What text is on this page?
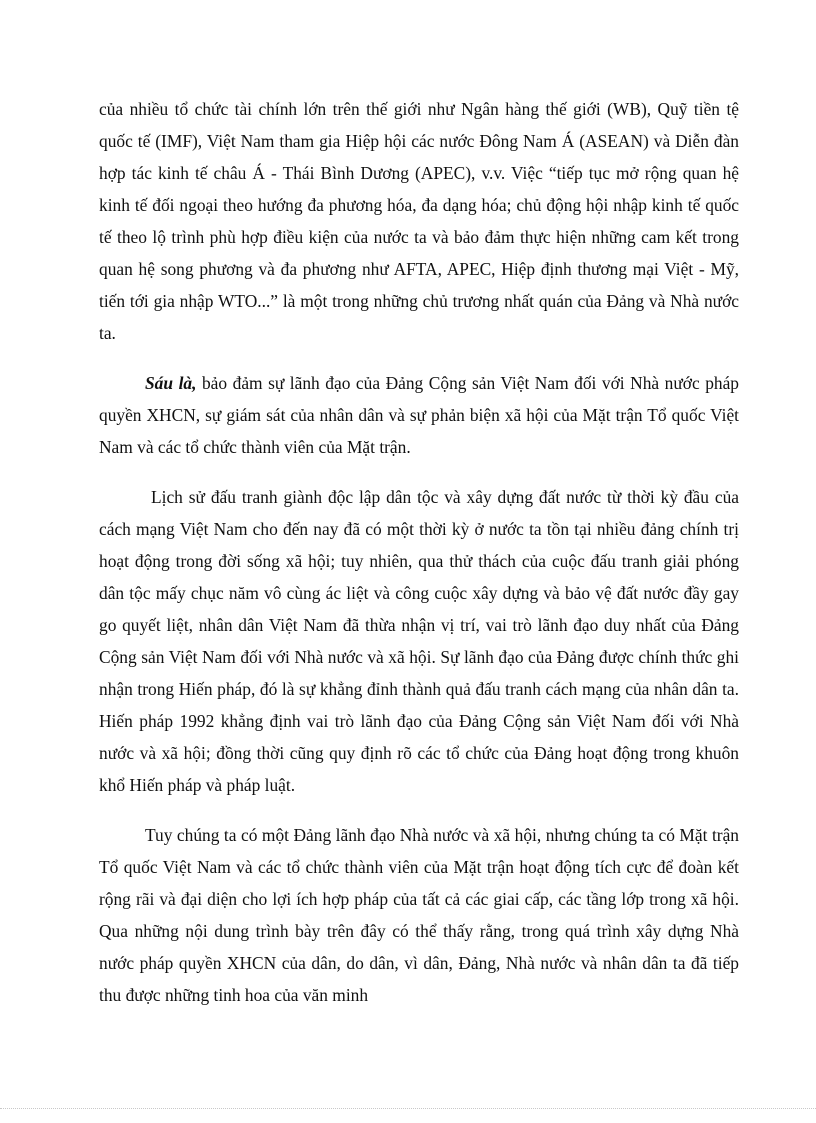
của nhiều tổ chức tài chính lớn trên thế giới như Ngân hàng thế giới (WB), Quỹ tiền tệ quốc tế (IMF), Việt Nam tham gia Hiệp hội các nước Đông Nam Á (ASEAN) và Diễn đàn hợp tác kinh tế châu Á - Thái Bình Dương (APEC), v.v. Việc “tiếp tục mở rộng quan hệ kinh tế đối ngoại theo hướng đa phương hóa, đa dạng hóa; chủ động hội nhập kinh tế quốc tế theo lộ trình phù hợp điều kiện của nước ta và bảo đảm thực hiện những cam kết trong quan hệ song phương và đa phương như AFTA, APEC, Hiệp định thương mại Việt - Mỹ, tiến tới gia nhập WTO...” là một trong những chủ trương nhất quán của Đảng và Nhà nước ta.

Sáu là, bảo đảm sự lãnh đạo của Đảng Cộng sản Việt Nam đối với Nhà nước pháp quyền XHCN, sự giám sát của nhân dân và sự phản biện xã hội của Mặt trận Tổ quốc Việt Nam và các tổ chức thành viên của Mặt trận.

Lịch sử đấu tranh giành độc lập dân tộc và xây dựng đất nước từ thời kỳ đầu của cách mạng Việt Nam cho đến nay đã có một thời kỳ ở nước ta tồn tại nhiều đảng chính trị hoạt động trong đời sống xã hội; tuy nhiên, qua thử thách của cuộc đấu tranh giải phóng dân tộc mấy chục năm vô cùng ác liệt và công cuộc xây dựng và bảo vệ đất nước đầy gay go quyết liệt, nhân dân Việt Nam đã thừa nhận vị trí, vai trò lãnh đạo duy nhất của Đảng Cộng sản Việt Nam đối với Nhà nước và xã hội. Sự lãnh đạo của Đảng được chính thức ghi nhận trong Hiến pháp, đó là sự khẳng đỉnh thành quả đấu tranh cách mạng của nhân dân ta. Hiến pháp 1992 khẳng định vai trò lãnh đạo của Đảng Cộng sản Việt Nam đối với Nhà nước và xã hội; đồng thời cũng quy định rõ các tổ chức của Đảng hoạt động trong khuôn khổ Hiến pháp và pháp luật.

Tuy chúng ta có một Đảng lãnh đạo Nhà nước và xã hội, nhưng chúng ta có Mặt trận Tổ quốc Việt Nam và các tổ chức thành viên của Mặt trận hoạt động tích cực để đoàn kết rộng rãi và đại diện cho lợi ích hợp pháp của tất cả các giai cấp, các tầng lớp trong xã hội. Qua những nội dung trình bày trên đây có thể thấy rằng, trong quá trình xây dựng Nhà nước pháp quyền XHCN của dân, do dân, vì dân, Đảng, Nhà nước và nhân dân ta đã tiếp thu được những tinh hoa của văn minh
